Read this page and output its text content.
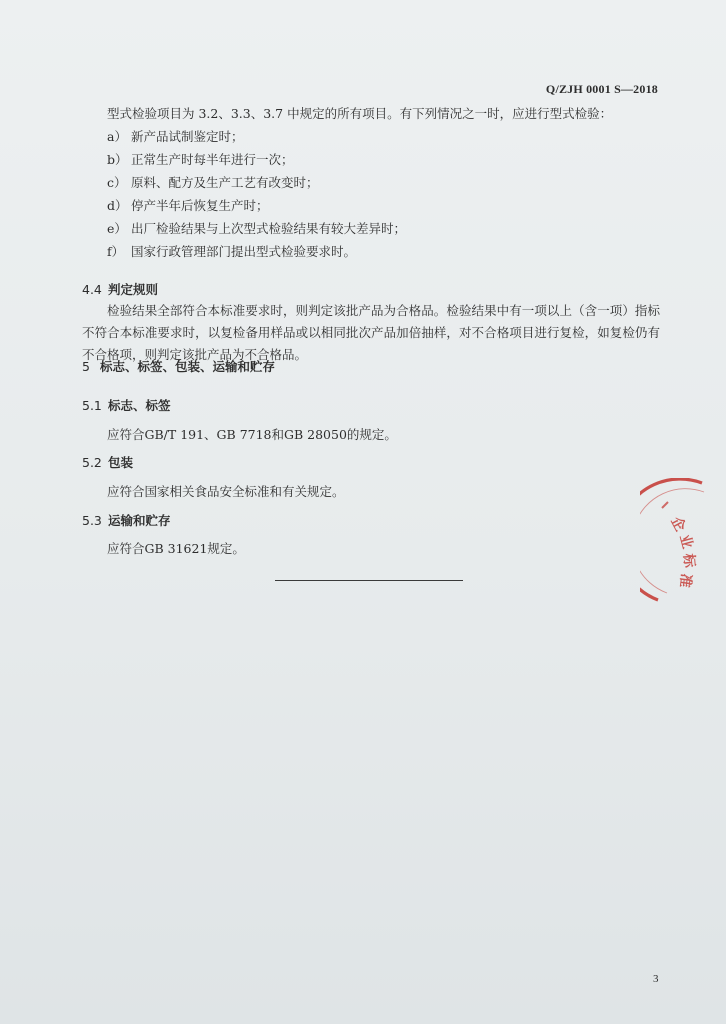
Q/ZJH 0001 S—2018
型式检验项目为 3.2、3.3、3.7 中规定的所有项目。有下列情况之一时，应进行型式检验：
a） 新产品试制鉴定时；
b） 正常生产时每半年进行一次；
c） 原料、配方及生产工艺有改变时；
d） 停产半年后恢复生产时；
e） 出厂检验结果与上次型式检验结果有较大差异时；
f） 国家行政管理部门提出型式检验要求时。
4.4 判定规则
检验结果全部符合本标准要求时，则判定该批产品为合格品。检验结果中有一项以上（含一项）指标不符合本标准要求时，以复检备用样品或以相同批次产品加倍抽样，对不合格项目进行复检，如复检仍有不合格项，则判定该批产品为不合格品。
5 标志、标签、包装、运输和贮存
5.1 标志、标签
应符合GB/T 191、GB 7718和GB 28050的规定。
5.2 包装
应符合国家相关食品安全标准和有关规定。
5.3 运输和贮存
应符合GB 31621规定。
企
业
标
准
3
